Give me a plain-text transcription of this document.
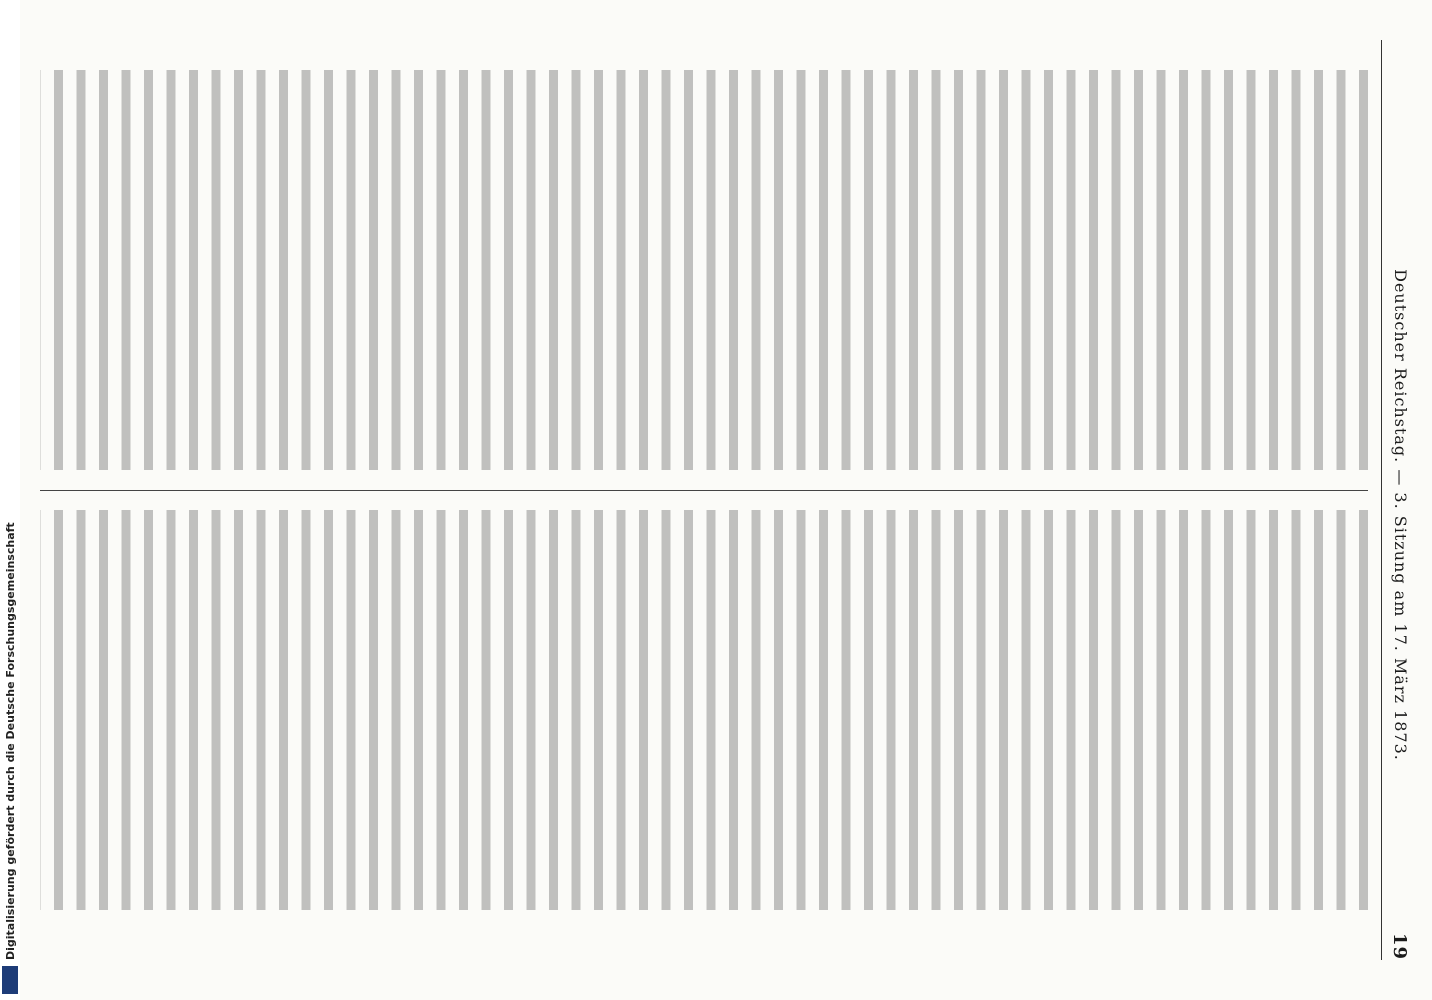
Digitalisierung gefördert durch die Deutsche Forschungsgemeinschaft	Deutscher Reichstag. — 3. Sitzung am 17. März 1873.
19
